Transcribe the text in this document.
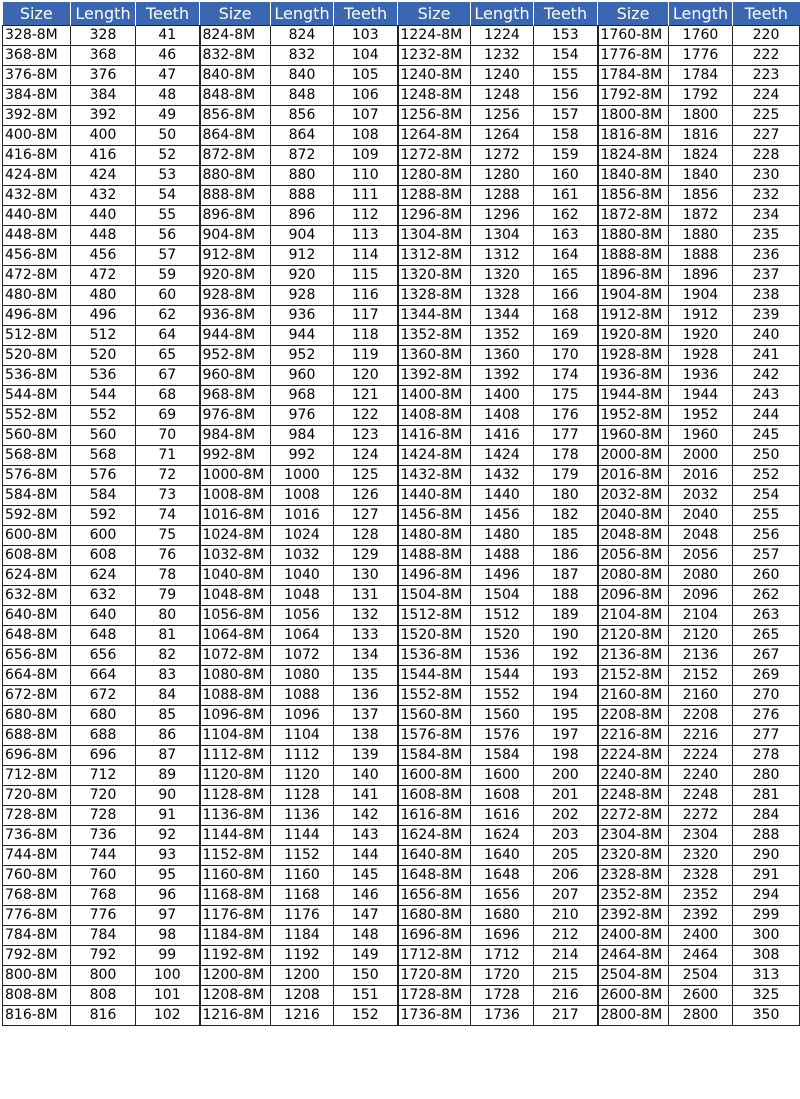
Size	Length	Teeth	Size	Length	Teeth	Size	Length	Teeth	Size	Length	Teeth
328-8M	328	41	824-8M	824	103	1224-8M	1224	153	1760-8M	1760	220
368-8M	368	46	832-8M	832	104	1232-8M	1232	154	1776-8M	1776	222
376-8M	376	47	840-8M	840	105	1240-8M	1240	155	1784-8M	1784	223
384-8M	384	48	848-8M	848	106	1248-8M	1248	156	1792-8M	1792	224
392-8M	392	49	856-8M	856	107	1256-8M	1256	157	1800-8M	1800	225
400-8M	400	50	864-8M	864	108	1264-8M	1264	158	1816-8M	1816	227
416-8M	416	52	872-8M	872	109	1272-8M	1272	159	1824-8M	1824	228
424-8M	424	53	880-8M	880	110	1280-8M	1280	160	1840-8M	1840	230
432-8M	432	54	888-8M	888	111	1288-8M	1288	161	1856-8M	1856	232
440-8M	440	55	896-8M	896	112	1296-8M	1296	162	1872-8M	1872	234
448-8M	448	56	904-8M	904	113	1304-8M	1304	163	1880-8M	1880	235
456-8M	456	57	912-8M	912	114	1312-8M	1312	164	1888-8M	1888	236
472-8M	472	59	920-8M	920	115	1320-8M	1320	165	1896-8M	1896	237
480-8M	480	60	928-8M	928	116	1328-8M	1328	166	1904-8M	1904	238
496-8M	496	62	936-8M	936	117	1344-8M	1344	168	1912-8M	1912	239
512-8M	512	64	944-8M	944	118	1352-8M	1352	169	1920-8M	1920	240
520-8M	520	65	952-8M	952	119	1360-8M	1360	170	1928-8M	1928	241
536-8M	536	67	960-8M	960	120	1392-8M	1392	174	1936-8M	1936	242
544-8M	544	68	968-8M	968	121	1400-8M	1400	175	1944-8M	1944	243
552-8M	552	69	976-8M	976	122	1408-8M	1408	176	1952-8M	1952	244
560-8M	560	70	984-8M	984	123	1416-8M	1416	177	1960-8M	1960	245
568-8M	568	71	992-8M	992	124	1424-8M	1424	178	2000-8M	2000	250
576-8M	576	72	1000-8M	1000	125	1432-8M	1432	179	2016-8M	2016	252
584-8M	584	73	1008-8M	1008	126	1440-8M	1440	180	2032-8M	2032	254
592-8M	592	74	1016-8M	1016	127	1456-8M	1456	182	2040-8M	2040	255
600-8M	600	75	1024-8M	1024	128	1480-8M	1480	185	2048-8M	2048	256
608-8M	608	76	1032-8M	1032	129	1488-8M	1488	186	2056-8M	2056	257
624-8M	624	78	1040-8M	1040	130	1496-8M	1496	187	2080-8M	2080	260
632-8M	632	79	1048-8M	1048	131	1504-8M	1504	188	2096-8M	2096	262
640-8M	640	80	1056-8M	1056	132	1512-8M	1512	189	2104-8M	2104	263
648-8M	648	81	1064-8M	1064	133	1520-8M	1520	190	2120-8M	2120	265
656-8M	656	82	1072-8M	1072	134	1536-8M	1536	192	2136-8M	2136	267
664-8M	664	83	1080-8M	1080	135	1544-8M	1544	193	2152-8M	2152	269
672-8M	672	84	1088-8M	1088	136	1552-8M	1552	194	2160-8M	2160	270
680-8M	680	85	1096-8M	1096	137	1560-8M	1560	195	2208-8M	2208	276
688-8M	688	86	1104-8M	1104	138	1576-8M	1576	197	2216-8M	2216	277
696-8M	696	87	1112-8M	1112	139	1584-8M	1584	198	2224-8M	2224	278
712-8M	712	89	1120-8M	1120	140	1600-8M	1600	200	2240-8M	2240	280
720-8M	720	90	1128-8M	1128	141	1608-8M	1608	201	2248-8M	2248	281
728-8M	728	91	1136-8M	1136	142	1616-8M	1616	202	2272-8M	2272	284
736-8M	736	92	1144-8M	1144	143	1624-8M	1624	203	2304-8M	2304	288
744-8M	744	93	1152-8M	1152	144	1640-8M	1640	205	2320-8M	2320	290
760-8M	760	95	1160-8M	1160	145	1648-8M	1648	206	2328-8M	2328	291
768-8M	768	96	1168-8M	1168	146	1656-8M	1656	207	2352-8M	2352	294
776-8M	776	97	1176-8M	1176	147	1680-8M	1680	210	2392-8M	2392	299
784-8M	784	98	1184-8M	1184	148	1696-8M	1696	212	2400-8M	2400	300
792-8M	792	99	1192-8M	1192	149	1712-8M	1712	214	2464-8M	2464	308
800-8M	800	100	1200-8M	1200	150	1720-8M	1720	215	2504-8M	2504	313
808-8M	808	101	1208-8M	1208	151	1728-8M	1728	216	2600-8M	2600	325
816-8M	816	102	1216-8M	1216	152	1736-8M	1736	217	2800-8M	2800	350
